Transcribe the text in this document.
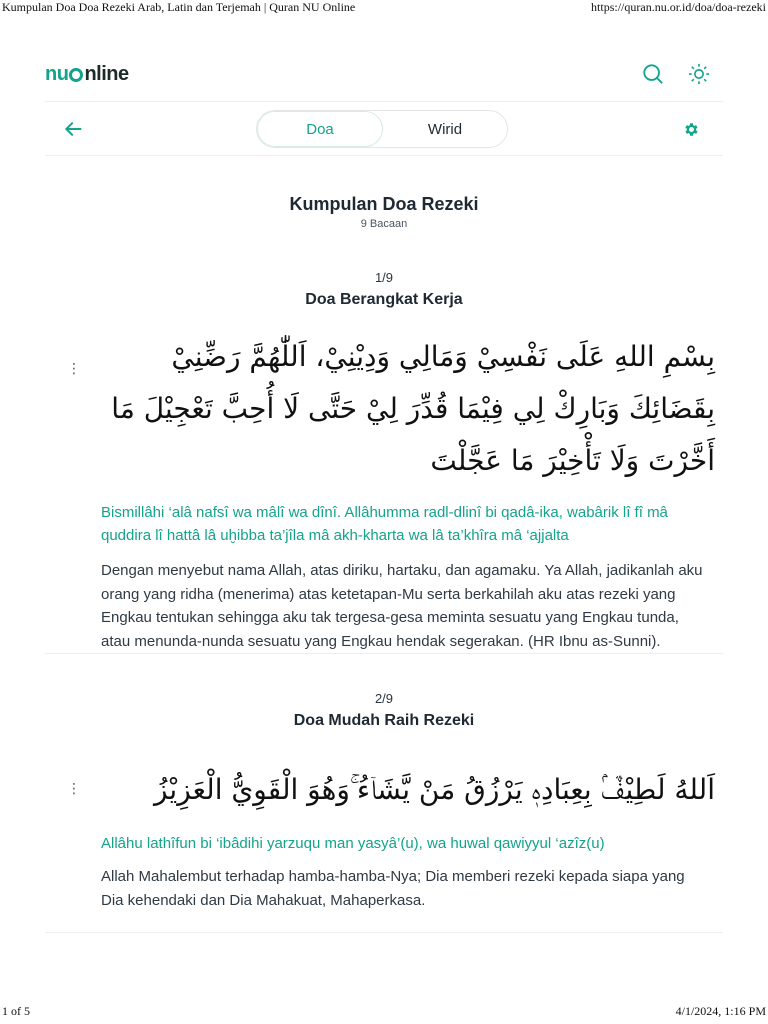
Kumpulan Doa Doa Rezeki Arab, Latin dan Terjemah | Quran NU Online	https://quran.nu.or.id/doa/doa-rezeki
nu nline
Doa	Wirid
Kumpulan Doa Rezeki
9 Bacaan
1/9
Doa Berangkat Kerja
⋮	بِسْمِ اللهِ عَلَى نَفْسِيْ وَمَالِي وَدِيْنِيْ، اَللّٰهُمَّ رَضِّنِيْ بِقَضَائِكَ وَبَارِكْ لِي فِيْمَا قُدِّرَ لِيْ حَتَّى لَا أُحِبَّ تَعْجِيْلَ مَا أَخَّرْتَ وَلَا تَأْخِيْرَ مَا عَجَّلْتَ
Bismillâhi ‘alâ nafsî wa mâlî wa dînî. Allâhumma radl-dlinî bi qadâ-ika, wabârik lî fî mâ quddira lî hattâ lâ uḫibba ta’jîla mâ akh-kharta wa lâ ta’khîra mâ ‘ajjalta
Dengan menyebut nama Allah, atas diriku, hartaku, dan agamaku. Ya Allah, jadikanlah aku orang yang ridha (menerima) atas ketetapan-Mu serta berkahilah aku atas rezeki yang Engkau tentukan sehingga aku tak tergesa-gesa meminta sesuatu yang Engkau tunda, atau menunda-nunda sesuatu yang Engkau hendak segerakan. (HR Ibnu as-Sunni).
2/9
Doa Mudah Raih Rezeki
⋮	اَللهُ لَطِيْفٌۢ بِعِبَادِهٖ يَرْزُقُ مَنْ يَّشَاۤءُ ۚوَهُوَ الْقَوِيُّ الْعَزِيْزُ
Allâhu lathîfun bi ‘ibâdihi yarzuqu man yasyâ’(u), wa huwal qawiyyul ‘azîz(u)
Allah Mahalembut terhadap hamba-hamba-Nya; Dia memberi rezeki kepada siapa yang Dia kehendaki dan Dia Mahakuat, Mahaperkasa.
1 of 5	4/1/2024, 1:16 PM
